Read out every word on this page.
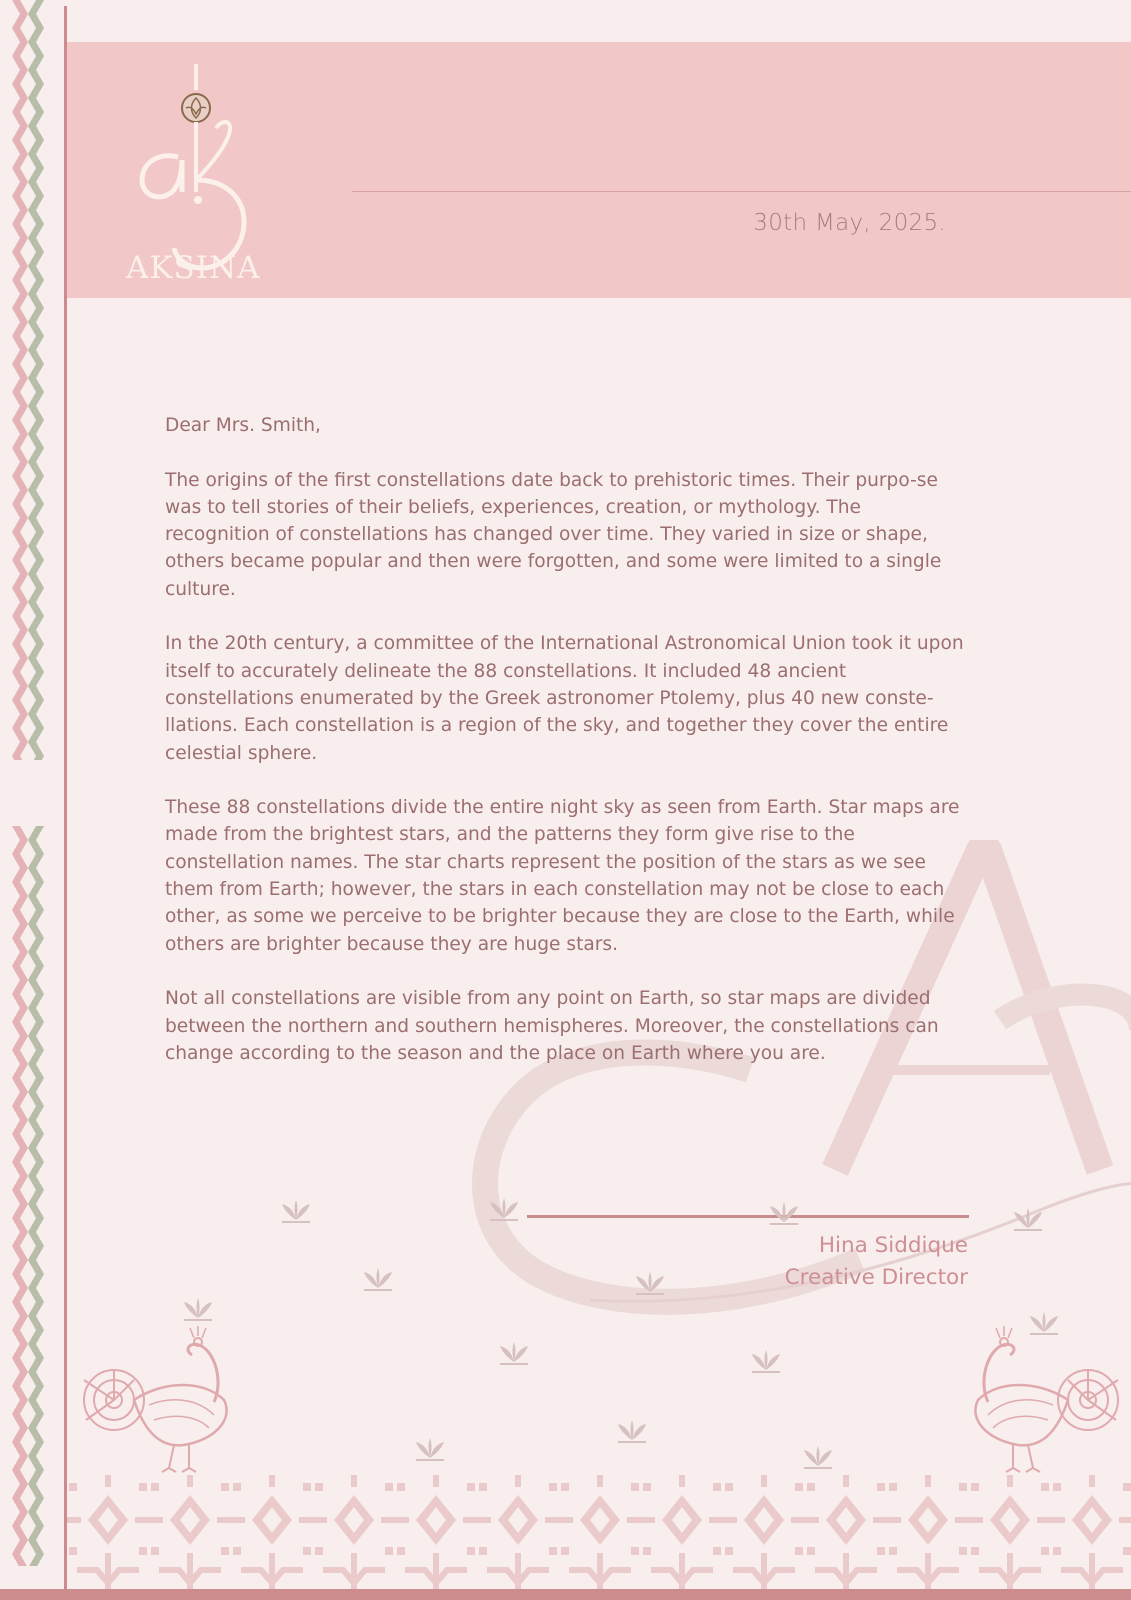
AKSINA
30th May, 2025.

Dear Mrs. Smith,

The origins of the first constellations date back to prehistoric times. Their purpo-se was to tell stories of their beliefs, experiences, creation, or mythology. The recognition of constellations has changed over time. They varied in size or shape, others became popular and then were forgotten, and some were limited to a single culture.

In the 20th century, a committee of the International Astronomical Union took it upon itself to accurately delineate the 88 constellations. It included 48 ancient constellations enumerated by the Greek astronomer Ptolemy, plus 40 new conste-llations. Each constellation is a region of the sky, and together they cover the entire celestial sphere.

These 88 constellations divide the entire night sky as seen from Earth. Star maps are made from the brightest stars, and the patterns they form give rise to the constellation names. The star charts represent the position of the stars as we see them from Earth; however, the stars in each constellation may not be close to each other, as some we perceive to be brighter because they are close to the Earth, while others are brighter because they are huge stars.

Not all constellations are visible from any point on Earth, so star maps are divided between the northern and southern hemispheres. Moreover, the constellations can change according to the season and the place on Earth where you are.

Hina Siddique
Creative Director
